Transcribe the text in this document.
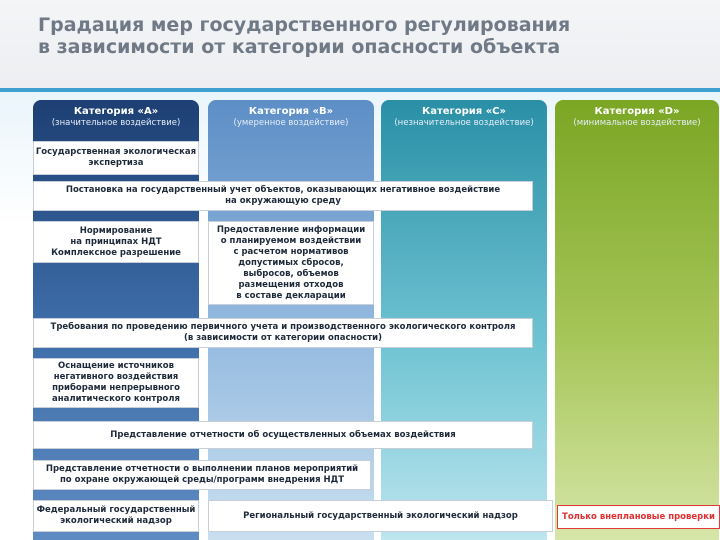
Градация мер государственного регулирования
в зависимости от категории опасности объекта
Категория «А»
(значительное воздействие)
Категория «В»
(умеренное воздействие)
Категория «С»
(незначительное воздействие)
Категория «D»
(минимальное воздействие)
Государственная экологическая
экспертиза
Постановка на государственный учет объектов, оказывающих негативное воздействие
на окружающую среду
Нормирование
на принципах НДТ
Комплексное разрешение
Предоставление информации
о планируемом воздействии
с расчетом нормативов
допустимых сбросов,
выбросов, объемов
размещения отходов
в составе декларации
Требования по проведению первичного учета и производственного экологического контроля
(в зависимости от категории опасности)
Оснащение источников
негативного воздействия
приборами непрерывного
аналитического контроля
Представление отчетности об осуществленных объемах воздействия
Представление отчетности о выполнении планов мероприятий
по охране окружающей среды/программ внедрения НДТ
Федеральный государственный
экологический надзор
Региональный государственный экологический надзор	Только внеплановые проверки
